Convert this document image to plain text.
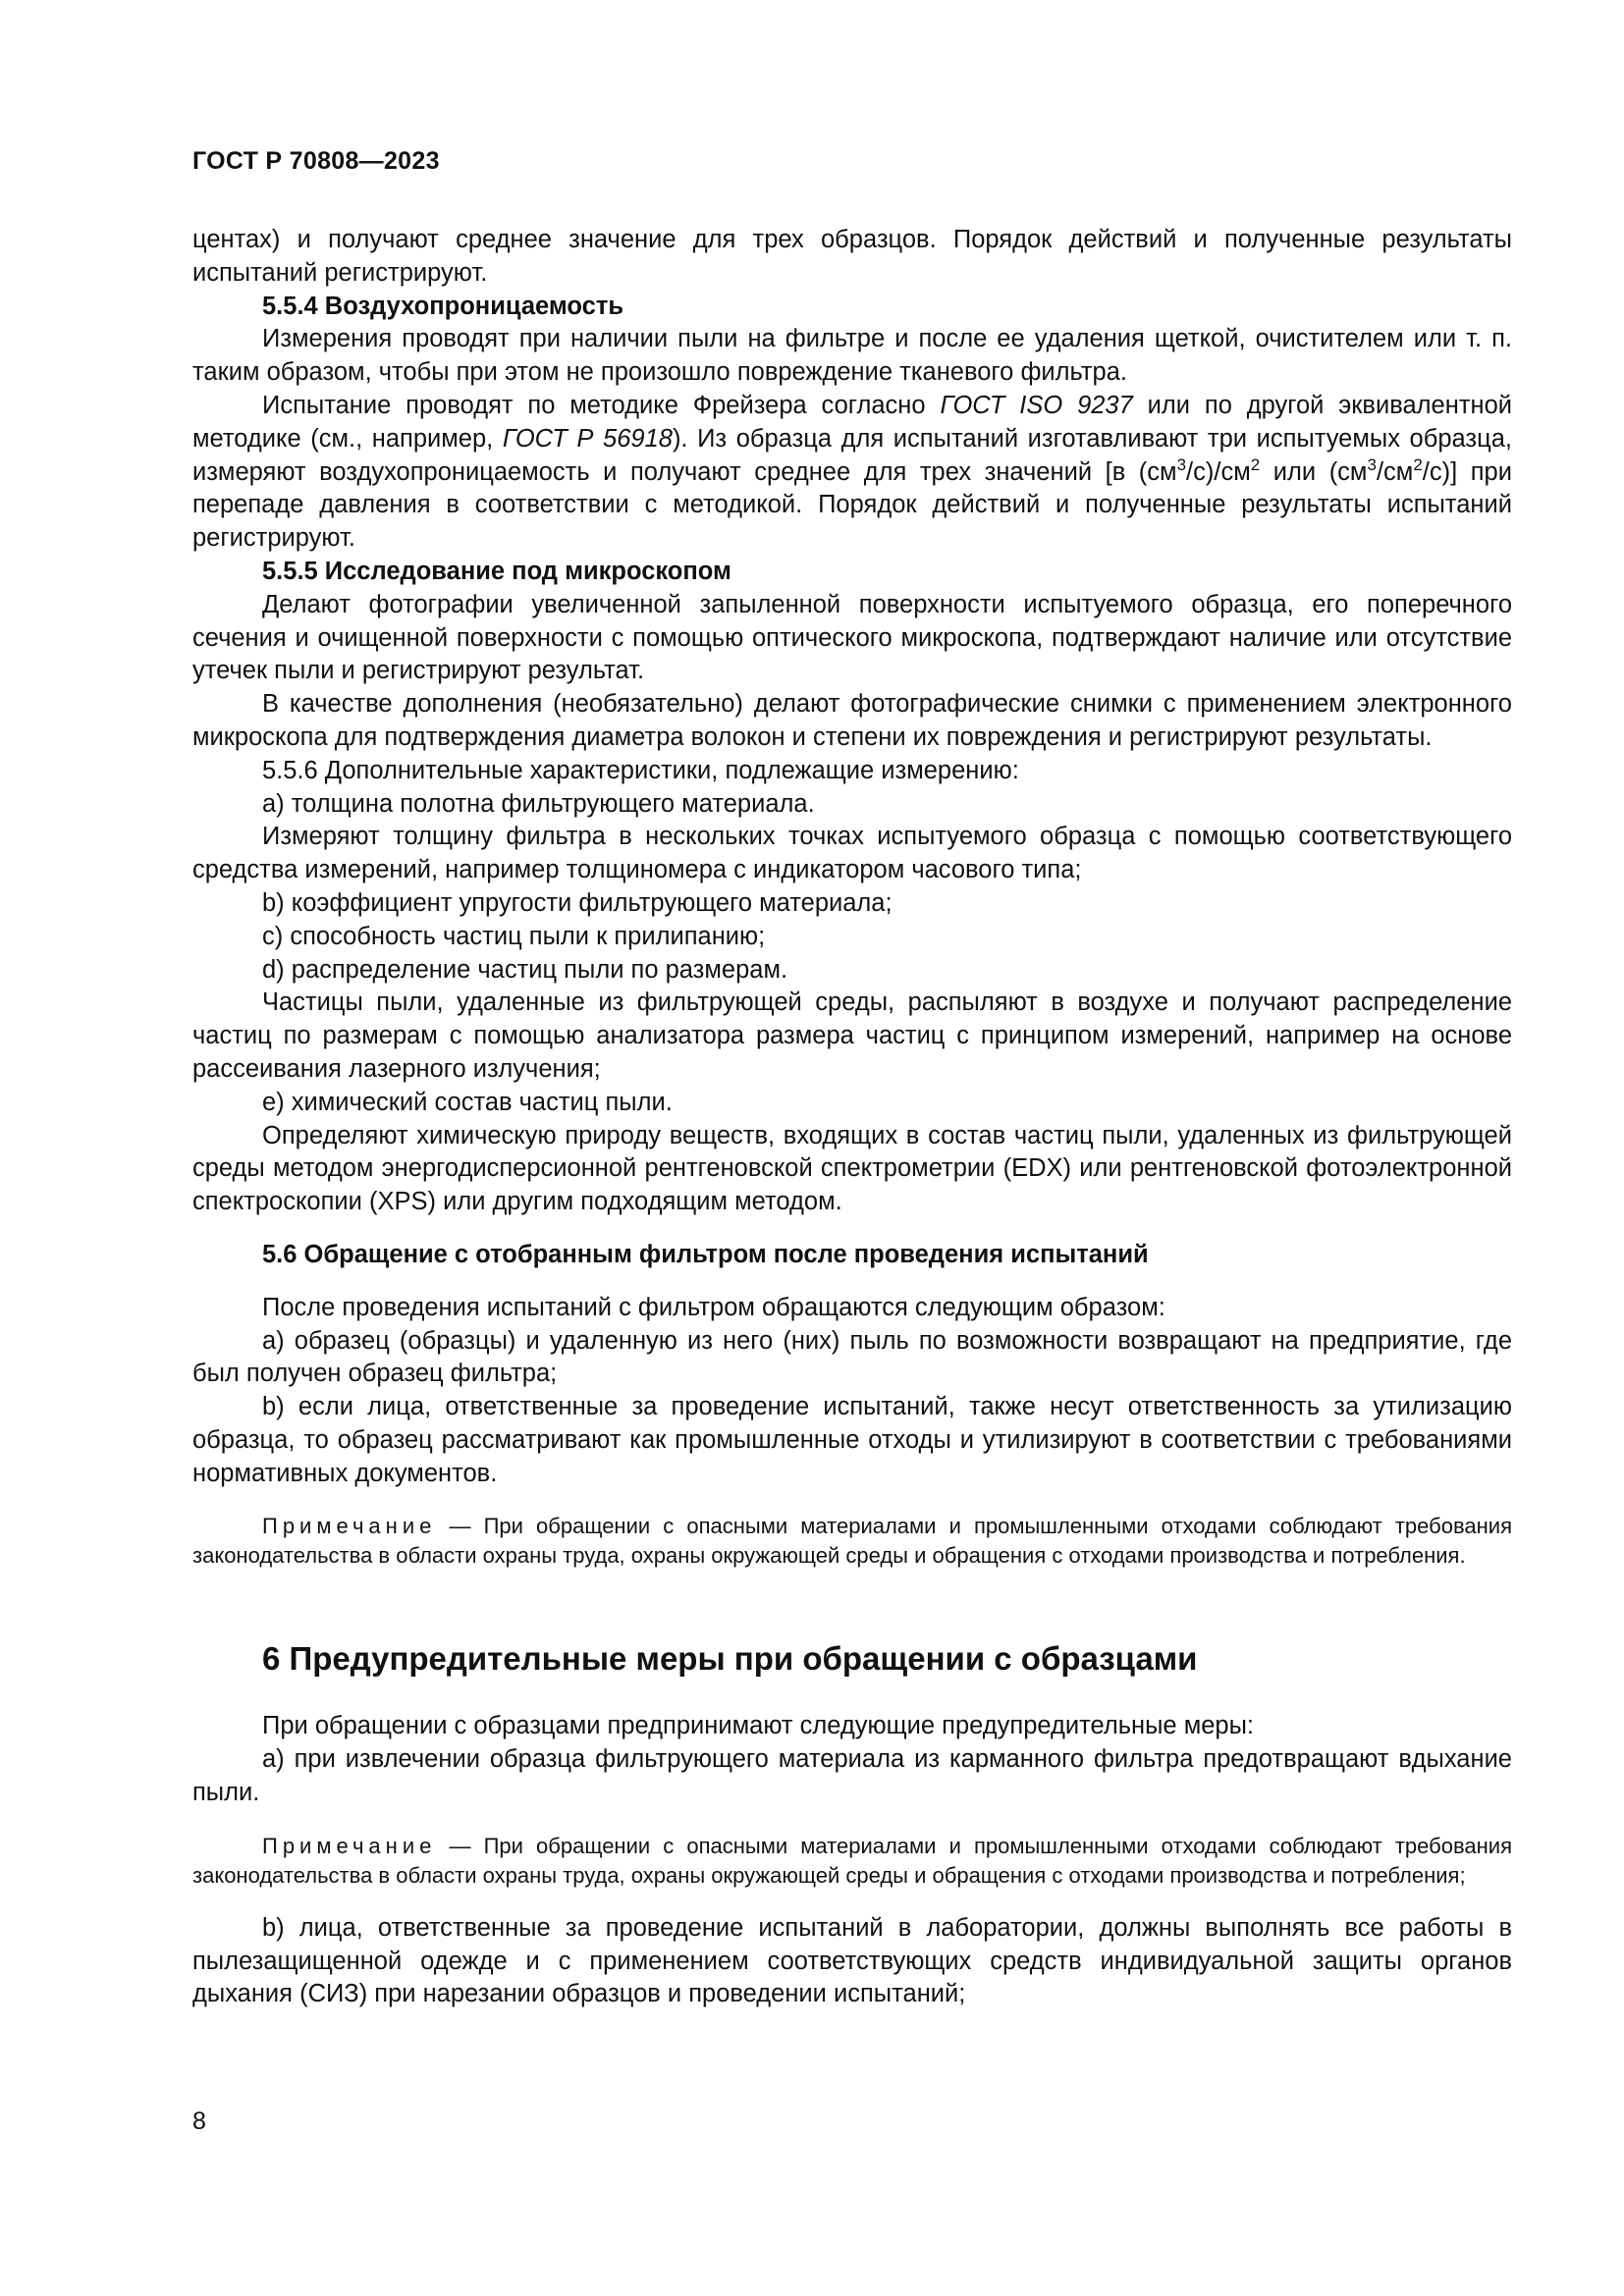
ГОСТ Р 70808—2023

центах) и получают среднее значение для трех образцов. Порядок действий и полученные результаты испытаний регистрируют.

5.5.4 Воздухопроницаемость

Измерения проводят при наличии пыли на фильтре и после ее удаления щеткой, очистителем или т. п. таким образом, чтобы при этом не произошло повреждение тканевого фильтра.

Испытание проводят по методике Фрейзера согласно ГОСТ ISO 9237 или по другой эквивалентной методике (см., например, ГОСТ Р 56918). Из образца для испытаний изготавливают три испытуемых образца, измеряют воздухопроницаемость и получают среднее для трех значений [в $(см^3/с)/см^2$ или $(см^3/см^2/с)$] при перепаде давления в соответствии с методикой. Порядок действий и полученные результаты испытаний регистрируют.

5.5.5 Исследование под микроскопом

Делают фотографии увеличенной запыленной поверхности испытуемого образца, его поперечного сечения и очищенной поверхности с помощью оптического микроскопа, подтверждают наличие или отсутствие утечек пыли и регистрируют результат.

В качестве дополнения (необязательно) делают фотографические снимки с применением электронного микроскопа для подтверждения диаметра волокон и степени их повреждения и регистрируют результаты.

5.5.6 Дополнительные характеристики, подлежащие измерению:

а) толщина полотна фильтрующего материала.

Измеряют толщину фильтра в нескольких точках испытуемого образца с помощью соответствующего средства измерений, например толщиномера с индикатором часового типа;

b) коэффициент упругости фильтрующего материала;

c) способность частиц пыли к прилипанию;

d) распределение частиц пыли по размерам.

Частицы пыли, удаленные из фильтрующей среды, распыляют в воздухе и получают распределение частиц по размерам с помощью анализатора размера частиц с принципом измерений, например на основе рассеивания лазерного излучения;

e) химический состав частиц пыли.

Определяют химическую природу веществ, входящих в состав частиц пыли, удаленных из фильтрующей среды методом энергодисперсионной рентгеновской спектрометрии (EDX) или рентгеновской фотоэлектронной спектроскопии (XPS) или другим подходящим методом.

5.6 Обращение с отобранным фильтром после проведения испытаний

После проведения испытаний с фильтром обращаются следующим образом:

а) образец (образцы) и удаленную из него (них) пыль по возможности возвращают на предприятие, где был получен образец фильтра;

b) если лица, ответственные за проведение испытаний, также несут ответственность за утилизацию образца, то образец рассматривают как промышленные отходы и утилизируют в соответствии с требованиями нормативных документов.

Примечание — При обращении с опасными материалами и промышленными отходами соблюдают требования законодательства в области охраны труда, охраны окружающей среды и обращения с отходами производства и потребления.

6 Предупредительные меры при обращении с образцами

При обращении с образцами предпринимают следующие предупредительные меры:

а) при извлечении образца фильтрующего материала из карманного фильтра предотвращают вдыхание пыли.

Примечание — При обращении с опасными материалами и промышленными отходами соблюдают требования законодательства в области охраны труда, охраны окружающей среды и обращения с отходами производства и потребления;

b) лица, ответственные за проведение испытаний в лаборатории, должны выполнять все работы в пылезащищенной одежде и с применением соответствующих средств индивидуальной защиты органов дыхания (СИЗ) при нарезании образцов и проведении испытаний;

8
